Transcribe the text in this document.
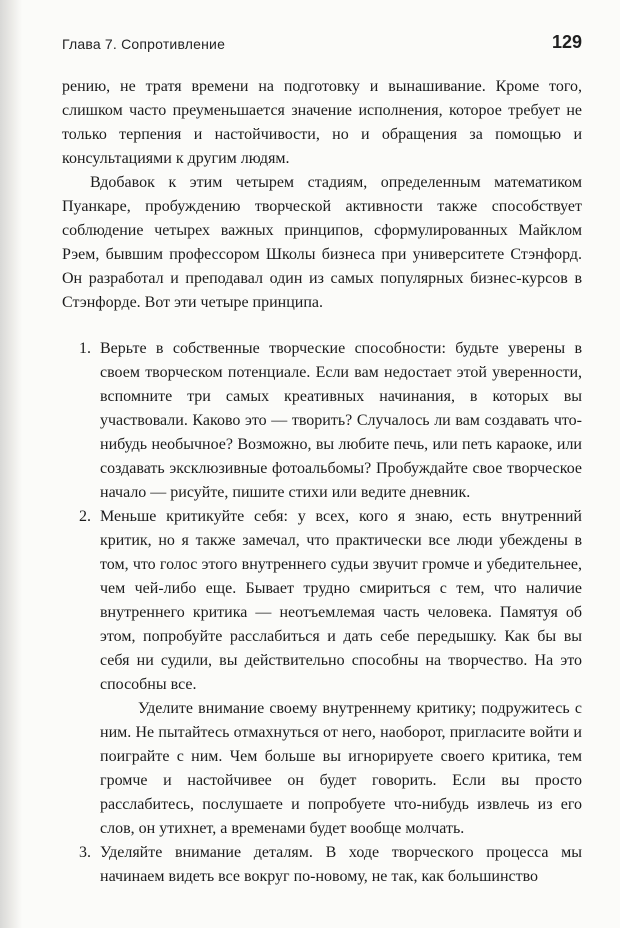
Глава 7. Сопротивление	129

рению, не тратя времени на подготовку и вынашивание. Кроме того, слишком часто преуменьшается значение исполнения, которое требует не только терпения и настойчивости, но и обращения за помощью и консультациями к другим людям.

Вдобавок к этим четырем стадиям, определенным математиком Пуанкаре, пробуждению творческой активности также способствует соблюдение четырех важных принципов, сформулированных Майклом Рэем, бывшим профессором Школы бизнеса при университете Стэнфорд. Он разработал и преподавал один из самых популярных бизнес-курсов в Стэнфорде. Вот эти четыре принципа.

1. Верьте в собственные творческие способности: будьте уверены в своем творческом потенциале. Если вам недостает этой уверенности, вспомните три самых креативных начинания, в которых вы участвовали. Каково это — творить? Случалось ли вам создавать что-нибудь необычное? Возможно, вы любите печь, или петь караоке, или создавать эксклюзивные фотоальбомы? Пробуждайте свое творческое начало — рисуйте, пишите стихи или ведите дневник.

2. Меньше критикуйте себя: у всех, кого я знаю, есть внутренний критик, но я также замечал, что практически все люди убеждены в том, что голос этого внутреннего судьи звучит громче и убедительнее, чем чей-либо еще. Бывает трудно смириться с тем, что наличие внутреннего критика — неотъемлемая часть человека. Памятуя об этом, попробуйте расслабиться и дать себе передышку. Как бы вы себя ни судили, вы действительно способны на творчество. На это способны все.

Уделите внимание своему внутреннему критику; подружитесь с ним. Не пытайтесь отмахнуться от него, наоборот, пригласите войти и поиграйте с ним. Чем больше вы игнорируете своего критика, тем громче и настойчивее он будет говорить. Если вы просто расслабитесь, послушаете и попробуете что-нибудь извлечь из его слов, он утихнет, а временами будет вообще молчать.

3. Уделяйте внимание деталям. В ходе творческого процесса мы начинаем видеть все вокруг по-новому, не так, как большинство
